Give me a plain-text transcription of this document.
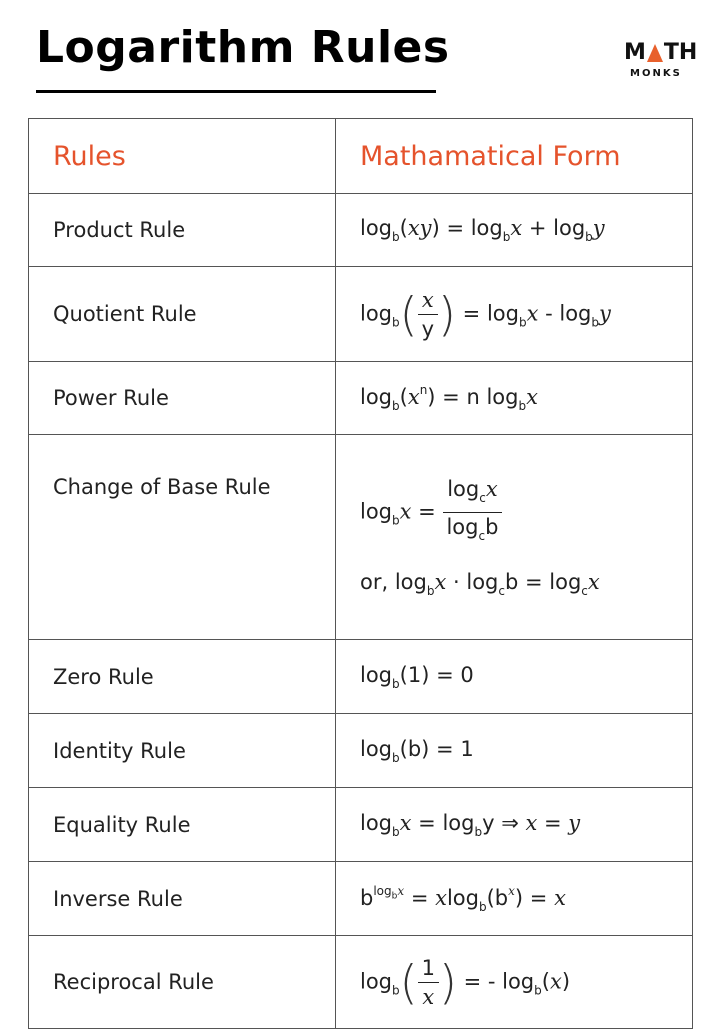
Logarithm Rules	M TH
MONKS
Rules	Mathamatical Form
Product Rule	$\log_b(xy) = \log_bx + \log_by$
Quotient Rule	$\log_b( \frac{x}{y}$ ) = $\log_bx - \log_by$
Power Rule	$\log_b(x^n) = n$ $\log_bx$
Change of Base Rule	$\log_bx = \frac{\log_cx}{\log_cb}$
or, $\log_bx \cdot \log_cb = \log_cx$

Zero Rule	$\log_b(1) = 0$
Identity Rule	$\log_b(b) = 1$
Equality Rule	$\log_bx = \log_by$ ⇒ x = y
Inverse Rule	$b^{log_bx} = xlog_b(b^x) = x$
Reciprocal Rule	$\log_b( \frac{1}{x}$ ) = - $\log_b(x)$
